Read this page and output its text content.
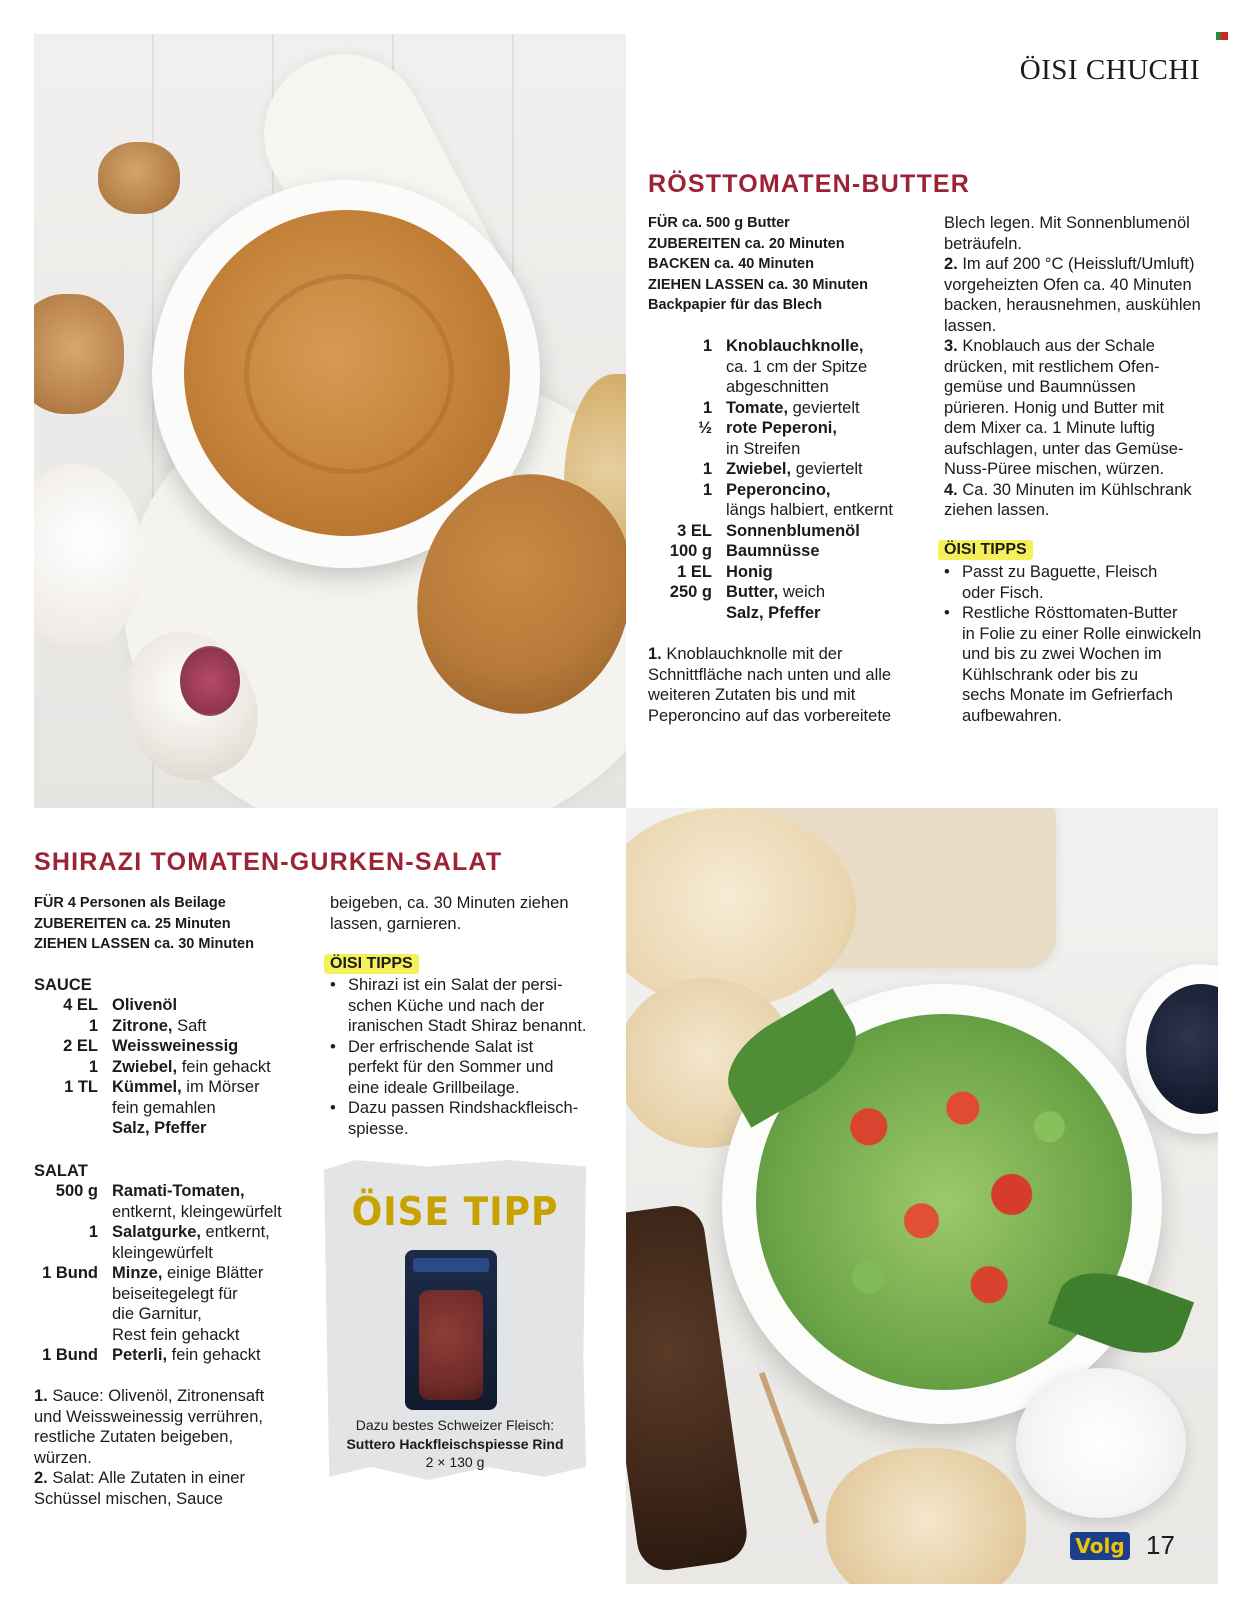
ÖISI CHUCHI
RÖSTTOMATEN-BUTTER
FÜR ca. 500 g Butter
ZUBEREITEN ca. 20 Minuten
BACKEN ca. 40 Minuten
ZIEHEN LASSEN ca. 30 Minuten
Backpapier für das Blech
1 Knoblauchknolle,
ca. 1 cm der Spitze
abgeschnitten
1 Tomate, geviertelt
½ rote Peperoni,
in Streifen
1 Zwiebel, geviertelt
1 Peperoncino,
längs halbiert, entkernt
3 EL Sonnenblumenöl
100 g Baumnüsse
1 EL Honig
250 g Butter, weich
Salz, Pfeffer
1. Knoblauchknolle mit der
Schnittfläche nach unten und alle
weiteren Zutaten bis und mit
Peperoncino auf das vorbereitete
Blech legen. Mit Sonnenblumenöl
beträufeln.
2. Im auf 200 °C (Heissluft/Umluft)
vorgeheizten Ofen ca. 40 Minuten
backen, herausnehmen, auskühlen
lassen.
3. Knoblauch aus der Schale
drücken, mit restlichem Ofen-
gemüse und Baumnüssen
pürieren. Honig und Butter mit
dem Mixer ca. 1 Minute luftig
aufschlagen, unter das Gemüse-
Nuss-Püree mischen, würzen.
4. Ca. 30 Minuten im Kühlschrank
ziehen lassen.
ÖISI TIPPS
• Passt zu Baguette, Fleisch
oder Fisch.
• Restliche Rösttomaten-Butter
in Folie zu einer Rolle einwickeln
und bis zu zwei Wochen im
Kühlschrank oder bis zu
sechs Monate im Gefrierfach
aufbewahren.
SHIRAZI TOMATEN-GURKEN-SALAT
FÜR 4 Personen als Beilage
ZUBEREITEN ca. 25 Minuten
ZIEHEN LASSEN ca. 30 Minuten
SAUCE
4 EL Olivenöl
1 Zitrone, Saft
2 EL Weissweinessig
1 Zwiebel, fein gehackt
1 TL Kümmel, im Mörser
fein gemahlen
Salz, Pfeffer
SALAT
500 g Ramati-Tomaten,
entkernt, kleingewürfelt
1 Salatgurke, entkernt,
kleingewürfelt
1 Bund Minze, einige Blätter
beiseitegelegt für
die Garnitur,
Rest fein gehackt
1 Bund Peterli, fein gehackt
1. Sauce: Olivenöl, Zitronensaft
und Weissweinessig verrühren,
restliche Zutaten beigeben,
würzen.
2. Salat: Alle Zutaten in einer
Schüssel mischen, Sauce
beigeben, ca. 30 Minuten ziehen
lassen, garnieren.
ÖISI TIPPS
• Shirazi ist ein Salat der persi-
schen Küche und nach der
iranischen Stadt Shiraz benannt.
• Der erfrischende Salat ist
perfekt für den Sommer und
eine ideale Grillbeilage.
• Dazu passen Rindshackfleisch-
spiesse.
ÖISE TIPP
Dazu bestes Schweizer Fleisch:
Suttero Hackfleischspiesse Rind
2 × 130 g
Volg 17
